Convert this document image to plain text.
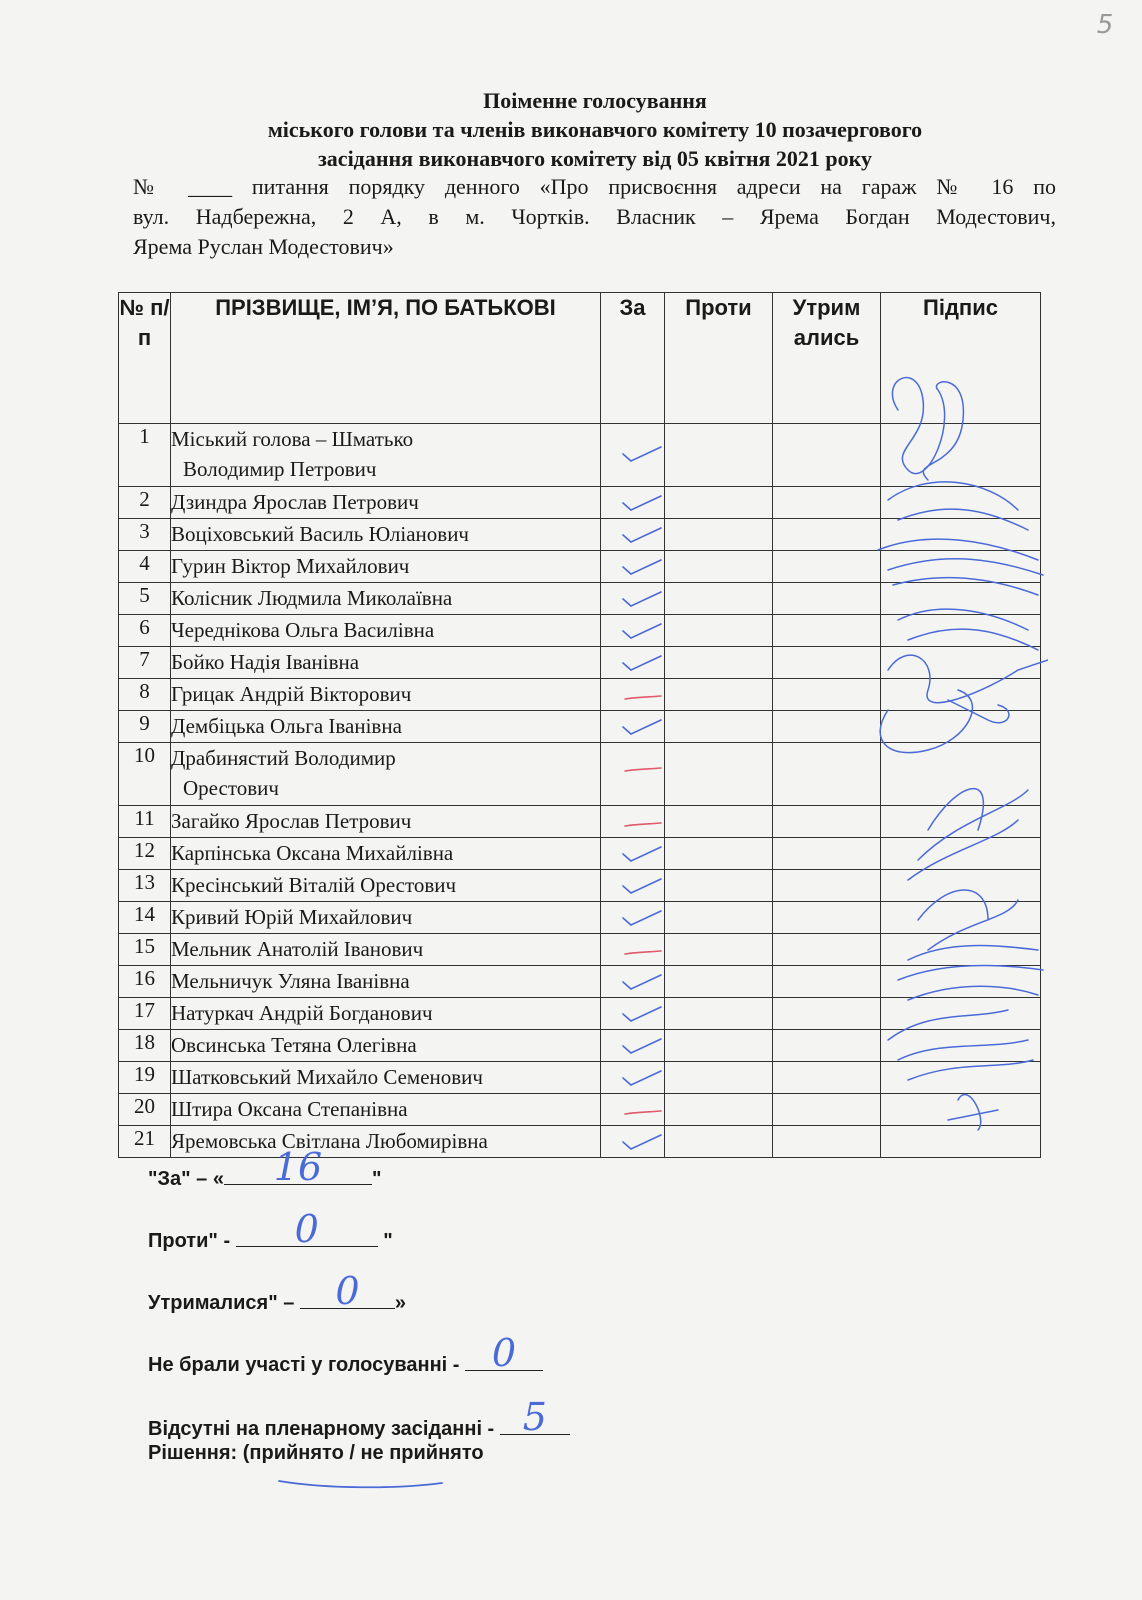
5
Поіменне голосування
міського голови та членів виконавчого комітету 10 позачергового
засідання виконавчого комітету від 05 квітня 2021 року
№ ____ питання порядку денного «Про присвоєння адреси на гараж № 16 по
вул. Надбережна, 2 А, в м. Чортків. Власник – Ярема Богдан Модестович,
Ярема Руслан Модестович»
№ п/п	ПРІЗВИЩЕ, ІМ’Я, ПО БАТЬКОВІ	За	Проти	Утрим ались	Підпис
1	Міський голова – Шматько
Володимир Петрович

2	Дзиндра Ярослав Петрович	

3	Воціховський Василь Юліанович	

4	Гурин Віктор Михайлович	

5	Колісник Людмила Миколаївна	

6	Череднікова Ольга Василівна	

7	Бойко Надія Іванівна	

8	Грицак Андрій Вікторович	

9	Дембіцька Ольга Іванівна	

10	Драбинястий Володимир
Орестович

11	Загайко Ярослав Петрович	

12	Карпінська Оксана Михайлівна	

13	Кресінський Віталій Орестович	

14	Кривий Юрій Михайлович	

15	Мельник Анатолій Іванович	

16	Мельничук Уляна Іванівна	

17	Натуркач Андрій Богданович	

18	Овсинська Тетяна Олегівна	

19	Шатковський Михайло Семенович	

20	Штира Оксана Степанівна	

21	Яремовська Світлана Любомирівна	

"За" – «	16	"
Проти" -	0	"
Утрималися" – 0	»
Не брали участі у голосуванні - 0
Відсутні на пленарному засіданні - 5
Рішення: (прийнято / не прийнято
